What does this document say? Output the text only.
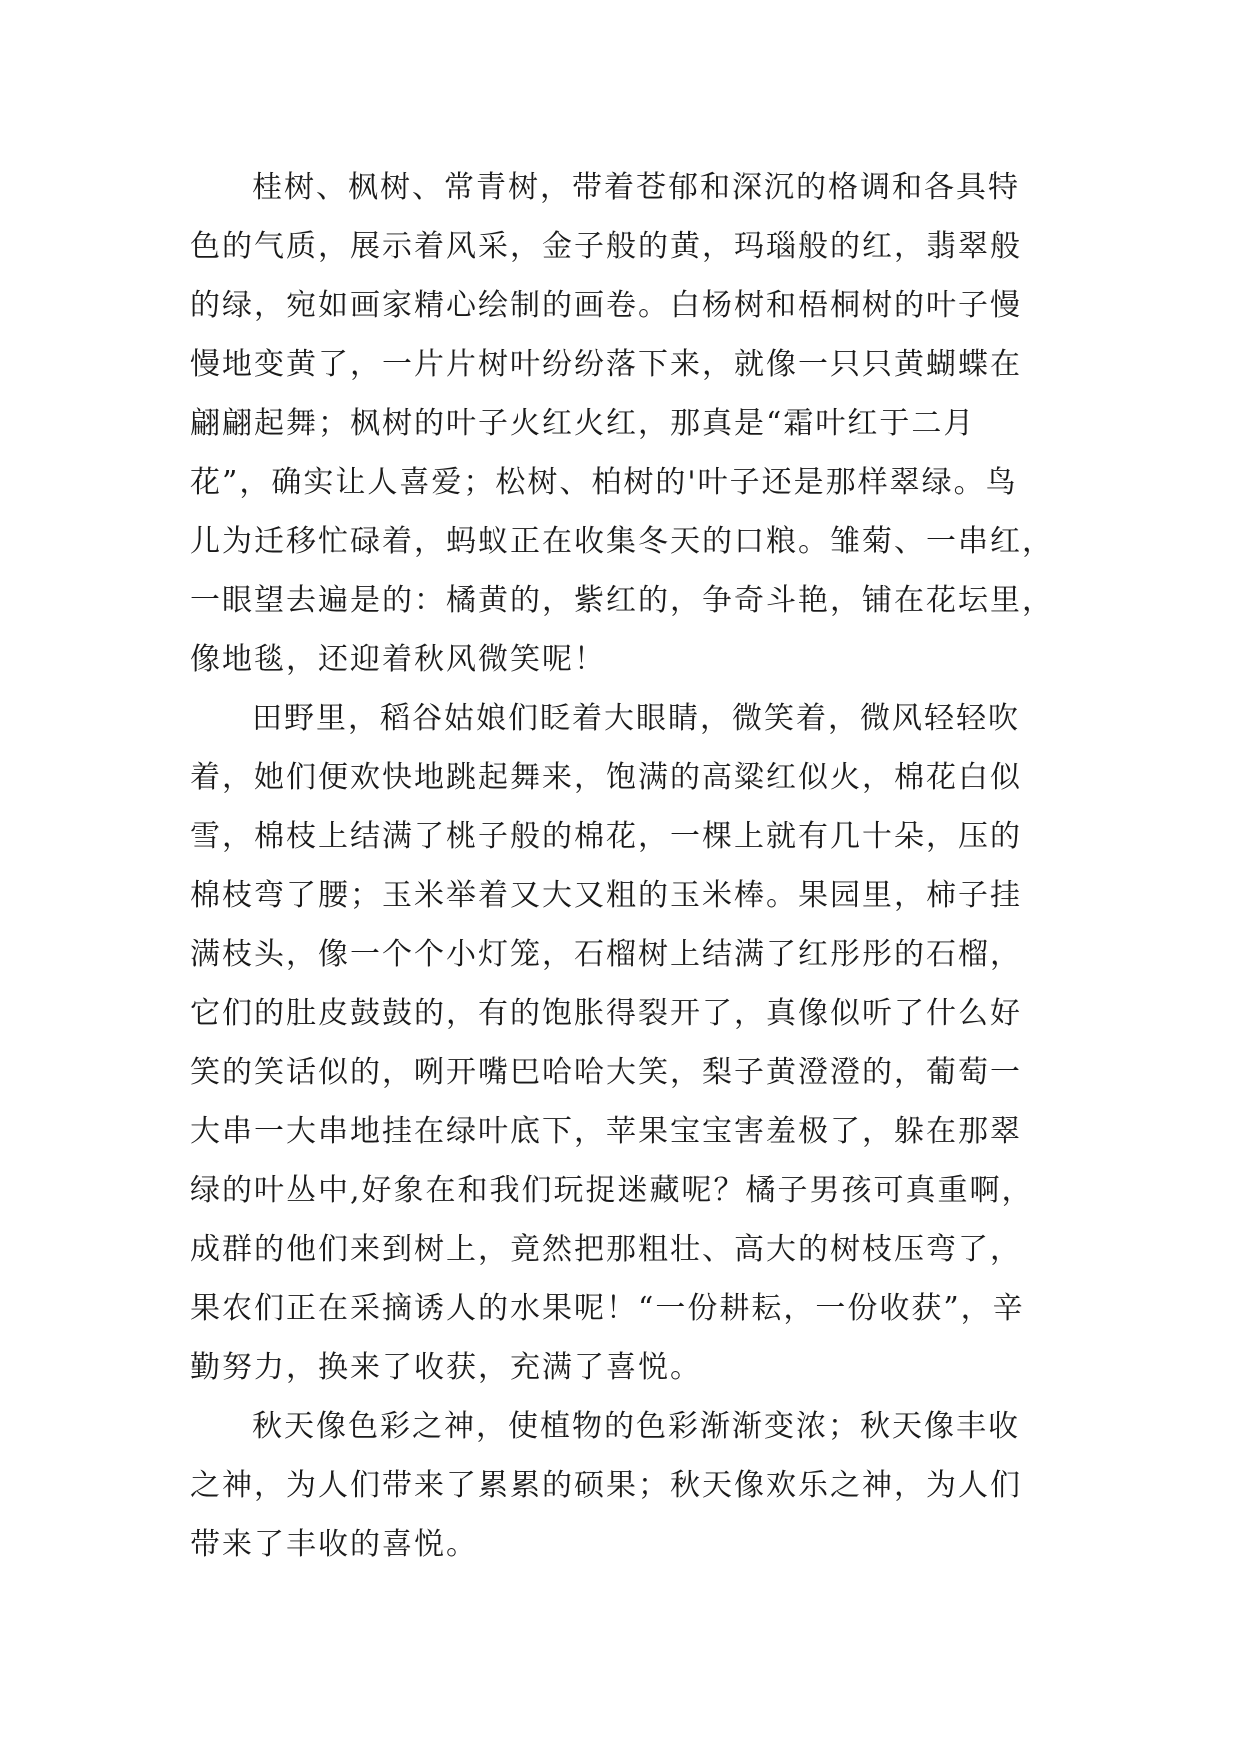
桂树、枫树、常青树，带着苍郁和深沉的格调和各具特
色的气质，展示着风采，金子般的黄，玛瑙般的红，翡翠般
的绿，宛如画家精心绘制的画卷。白杨树和梧桐树的叶子慢
慢地变黄了，一片片树叶纷纷落下来，就像一只只黄蝴蝶在
翩翩起舞；枫树的叶子火红火红，那真是“霜叶红于二月
花”，确实让人喜爱；松树、柏树的'叶子还是那样翠绿。鸟
儿为迁移忙碌着，蚂蚁正在收集冬天的口粮。雏菊、一串红，
一眼望去遍是的：橘黄的，紫红的，争奇斗艳，铺在花坛里，
像地毯，还迎着秋风微笑呢！

田野里，稻谷姑娘们眨着大眼睛，微笑着，微风轻轻吹
着，她们便欢快地跳起舞来，饱满的高粱红似火，棉花白似
雪，棉枝上结满了桃子般的棉花，一棵上就有几十朵，压的
棉枝弯了腰；玉米举着又大又粗的玉米棒。果园里，柿子挂
满枝头，像一个个小灯笼，石榴树上结满了红彤彤的石榴，
它们的肚皮鼓鼓的，有的饱胀得裂开了，真像似听了什么好
笑的笑话似的，咧开嘴巴哈哈大笑，梨子黄澄澄的，葡萄一
大串一大串地挂在绿叶底下，苹果宝宝害羞极了，躲在那翠
绿的叶丛中,好象在和我们玩捉迷藏呢？橘子男孩可真重啊，
成群的他们来到树上，竟然把那粗壮、高大的树枝压弯了，
果农们正在采摘诱人的水果呢！“一份耕耘，一份收获”，辛
勤努力，换来了收获，充满了喜悦。

秋天像色彩之神，使植物的色彩渐渐变浓；秋天像丰收
之神，为人们带来了累累的硕果；秋天像欢乐之神，为人们
带来了丰收的喜悦。
